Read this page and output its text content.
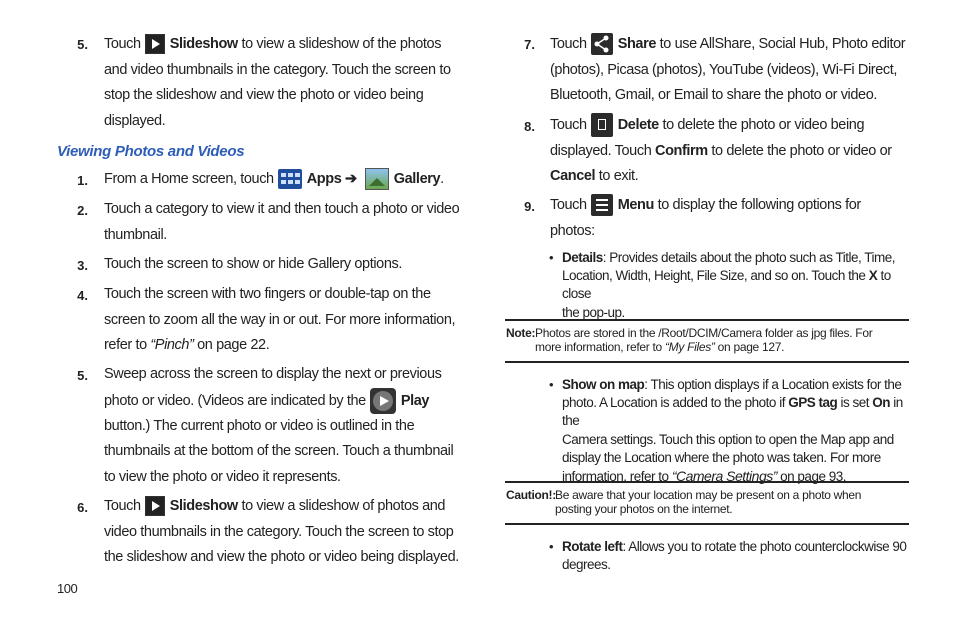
5. Touch Slideshow to view a slideshow of the photos
and video thumbnails in the category. Touch the screen to
stop the slideshow and view the photo or video being
displayed.
Viewing Photos and Videos
1. From a Home screen, touch Apps ➔	Gallery.
2. Touch a category to view it and then touch a photo or video
thumbnail.
3. Touch the screen to show or hide Gallery options.
4. Touch the screen with two fingers or double-tap on the
screen to zoom all the way in or out. For more information,
refer to “Pinch” on page 22.
5. Sweep across the screen to display the next or previous
photo or video. (Videos are indicated by the Play
button.) The current photo or video is outlined in the
thumbnails at the bottom of the screen. Touch a thumbnail
to view the photo or video it represents.
6. Touch Slideshow to view a slideshow of photos and
video thumbnails in the category. Touch the screen to stop
the slideshow and view the photo or video being displayed.
100
7. Touch Share to use AllShare, Social Hub, Photo editor
(photos), Picasa (photos), YouTube (videos), Wi-Fi Direct,
Bluetooth, Gmail, or Email to share the photo or video.
8. Touch Delete to delete the photo or video being
displayed. Touch Confirm to delete the photo or video or
Cancel to exit.
9. Touch Menu to display the following options for
photos:
• Details: Provides details about the photo such as Title, Time,
Location, Width, Height, File Size, and so on. Touch the X to close
the pop-up.
Note: Photos are stored in the /Root/DCIM/Camera folder as jpg files. For
more information, refer to “My Files” on page 127.
• Show on map: This option displays if a Location exists for the
photo. A Location is added to the photo if GPS tag is set On in the
Camera settings. Touch this option to open the Map app and
display the Location where the photo was taken. For more
information, refer to “Camera Settings” on page 93.
Caution!: Be aware that your location may be present on a photo when
posting your photos on the internet.
• Rotate left: Allows you to rotate the photo counterclockwise 90
degrees.
